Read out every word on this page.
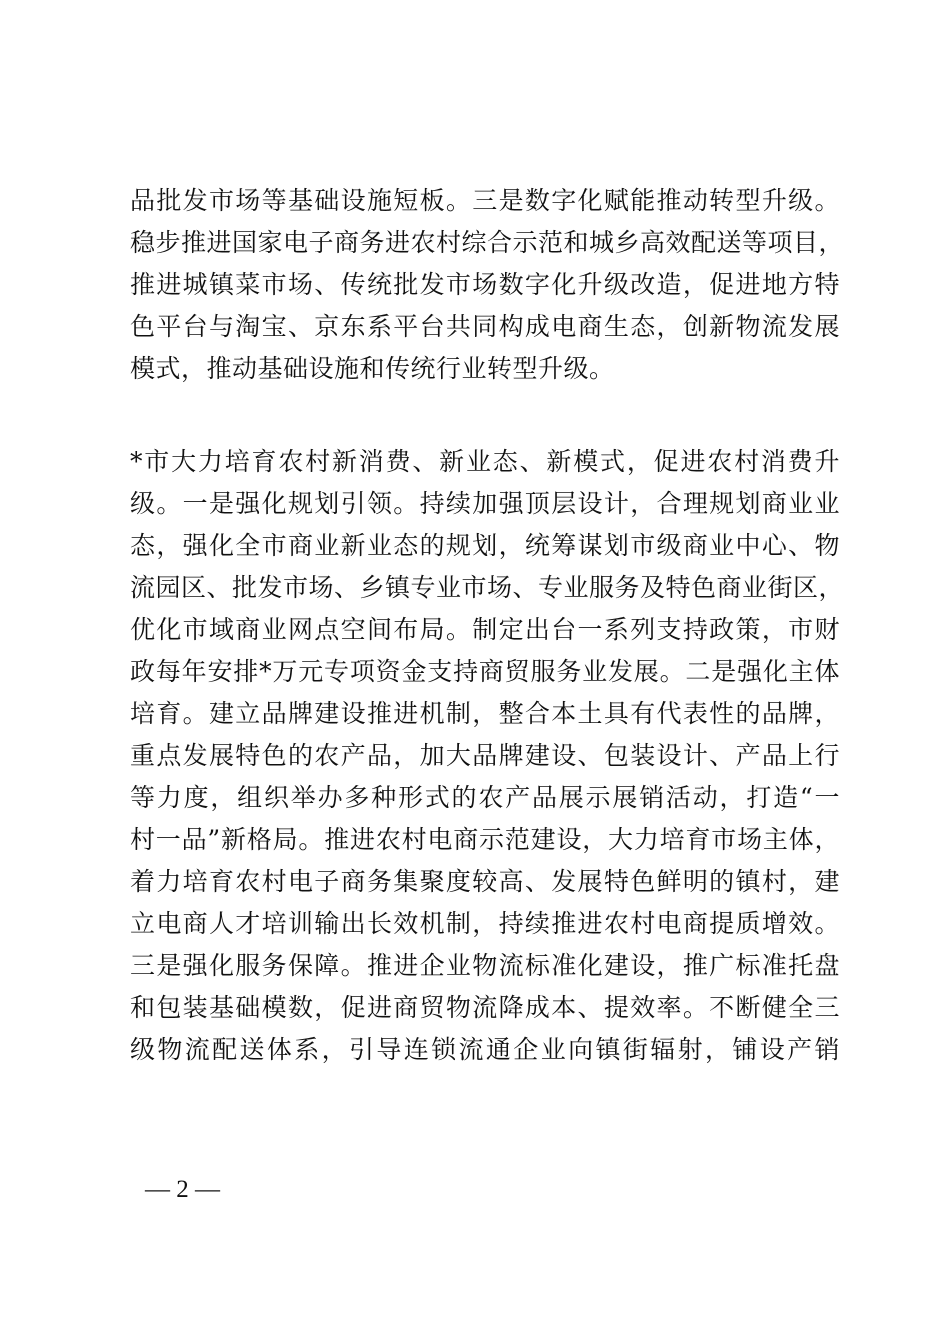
品批发市场等基础设施短板。三是数字化赋能推动转型升级。
稳步推进国家电子商务进农村综合示范和城乡高效配送等项目，
推进城镇菜市场、传统批发市场数字化升级改造，促进地方特
色平台与淘宝、京东系平台共同构成电商生态，创新物流发展
模式，推动基础设施和传统行业转型升级。
*市大力培育农村新消费、新业态、新模式，促进农村消费升
级。一是强化规划引领。持续加强顶层设计，合理规划商业业
态，强化全市商业新业态的规划，统筹谋划市级商业中心、物
流园区、批发市场、乡镇专业市场、专业服务及特色商业街区，
优化市域商业网点空间布局。制定出台一系列支持政策，市财
政每年安排*万元专项资金支持商贸服务业发展。二是强化主体
培育。建立品牌建设推进机制，整合本土具有代表性的品牌，
重点发展特色的农产品，加大品牌建设、包装设计、产品上行
等力度，组织举办多种形式的农产品展示展销活动，打造“一
村一品”新格局。推进农村电商示范建设，大力培育市场主体，
着力培育农村电子商务集聚度较高、发展特色鲜明的镇村，建
立电商人才培训输出长效机制，持续推进农村电商提质增效。
三是强化服务保障。推进企业物流标准化建设，推广标准托盘
和包装基础模数，促进商贸物流降成本、提效率。不断健全三
级物流配送体系，引导连锁流通企业向镇街辐射，铺设产销
— 2 —
